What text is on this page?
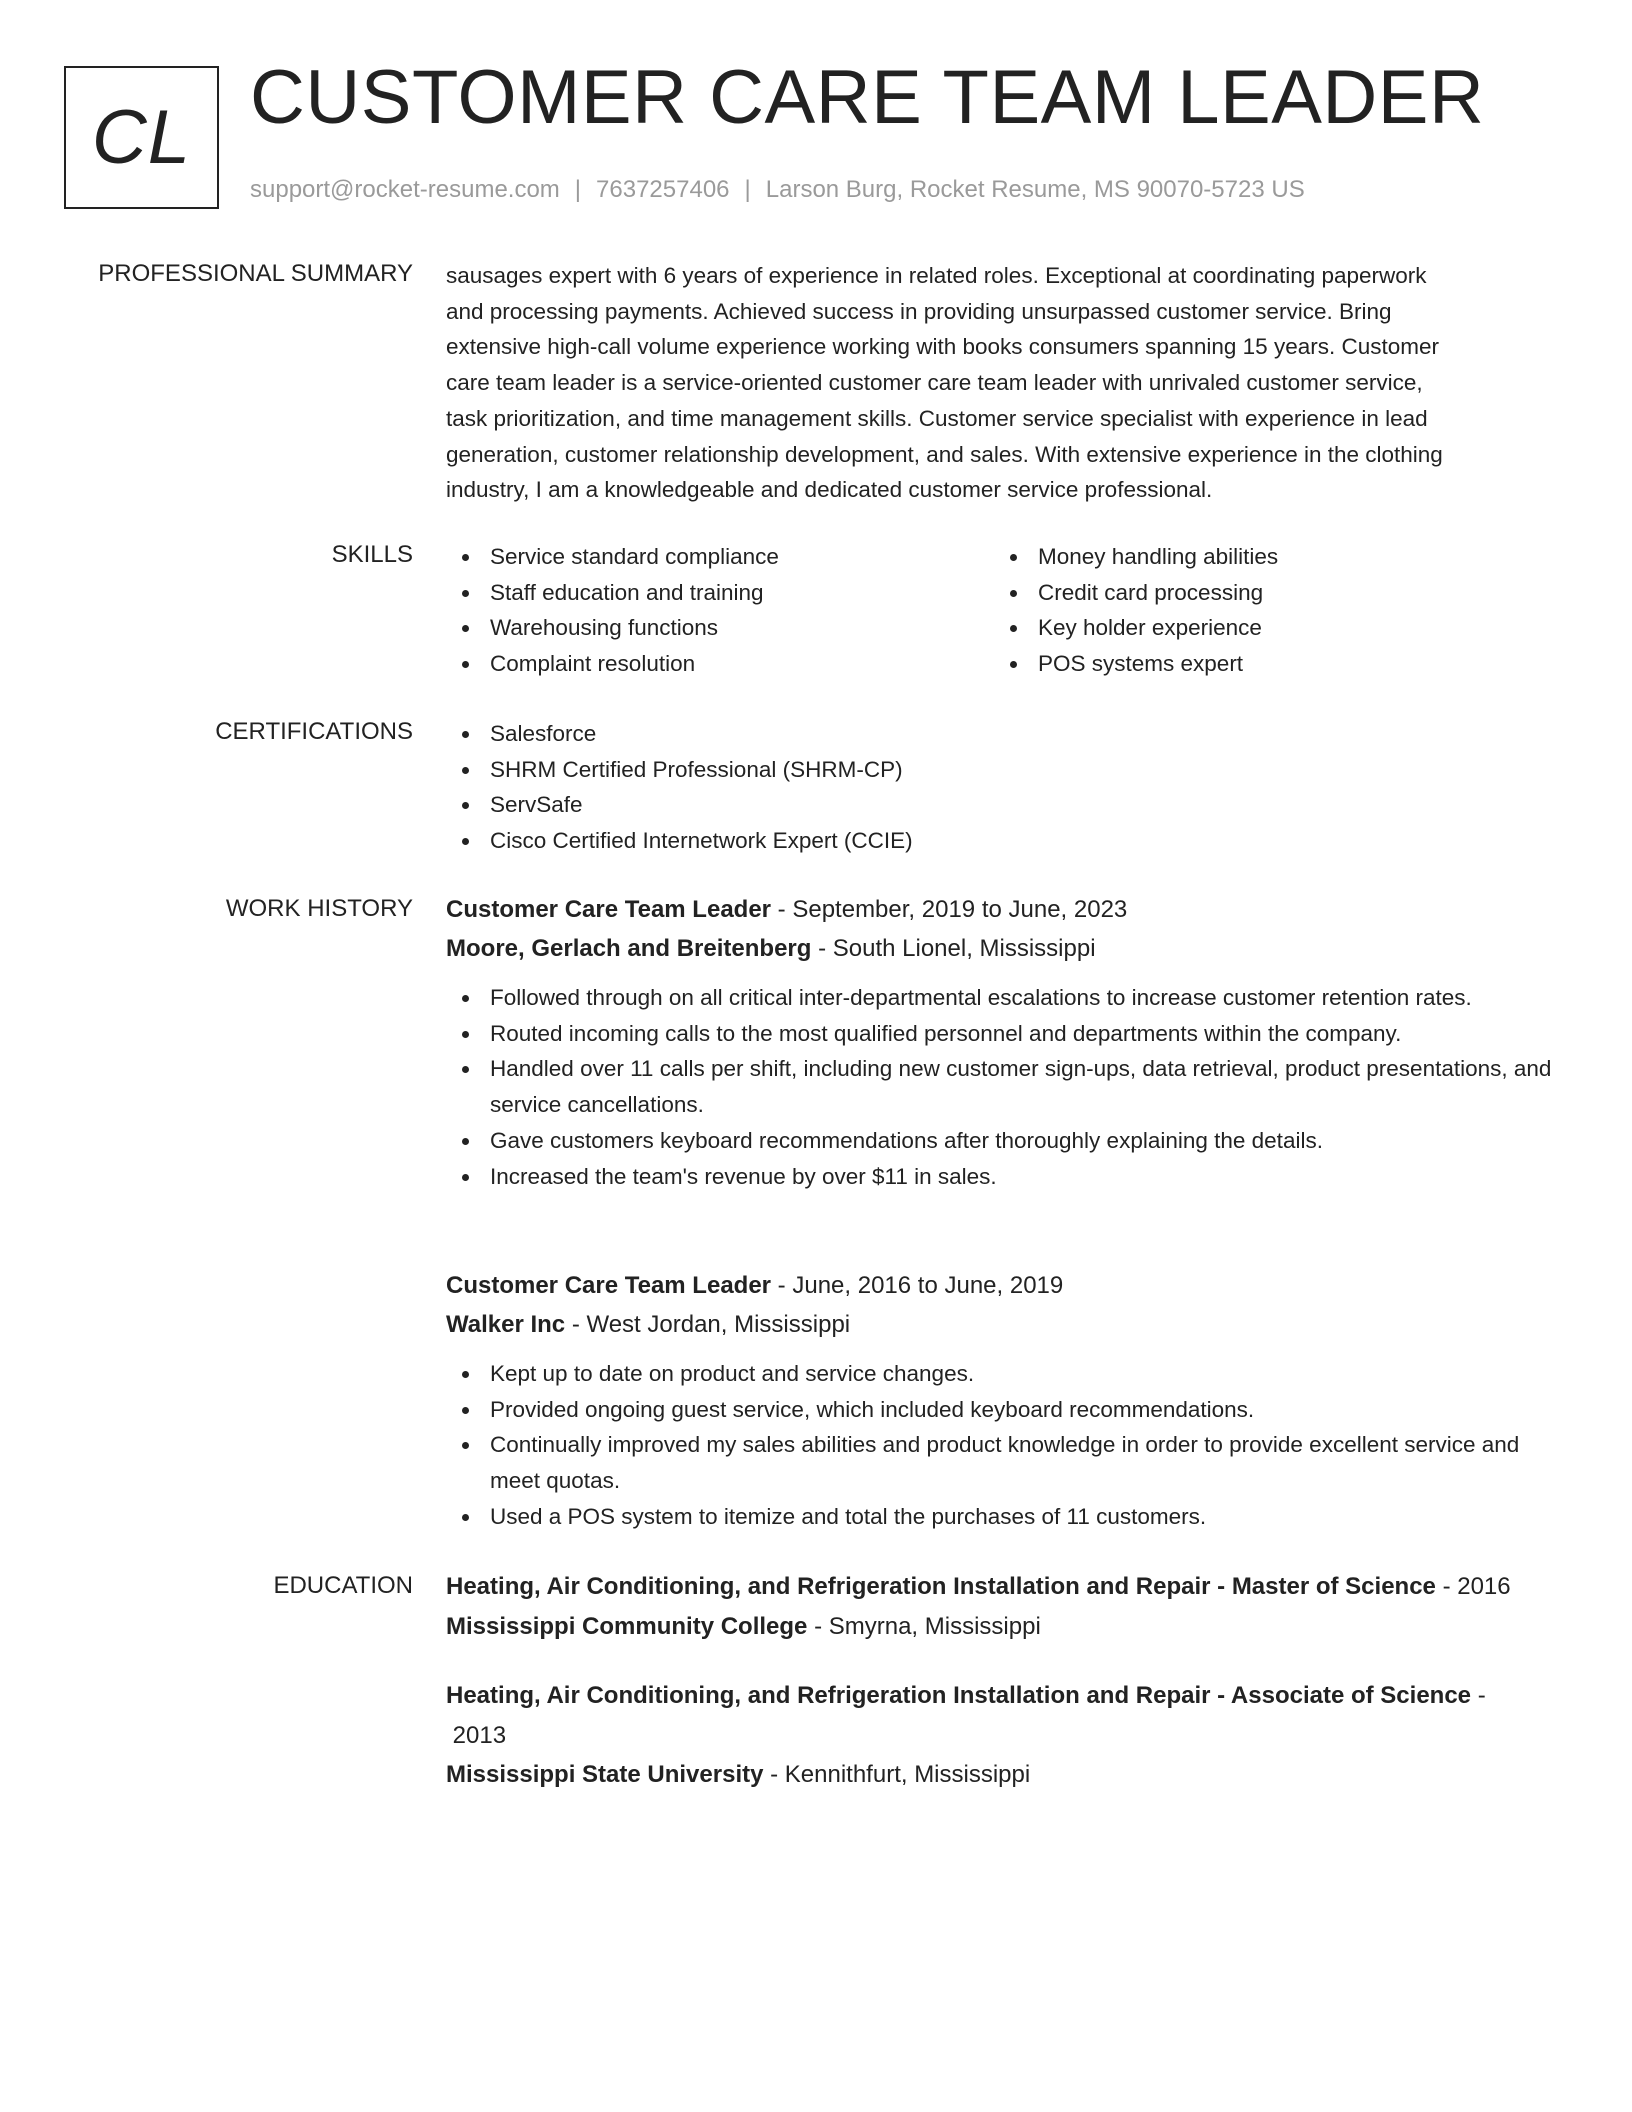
CL CUSTOMER CARE TEAM LEADER
support@rocket-resume.com | 7637257406 | Larson Burg, Rocket Resume, MS 90070-5723 US
PROFESSIONAL SUMMARY sausages expert with 6 years of experience in related roles. Exceptional at coordinating paperwork
and processing payments. Achieved success in providing unsurpassed customer service. Bring
extensive high-call volume experience working with books consumers spanning 15 years. Customer
care team leader is a service-oriented customer care team leader with unrivaled customer service,
task prioritization, and time management skills. Customer service specialist with experience in lead
generation, customer relationship development, and sales. With extensive experience in the clothing
industry, I am a knowledgeable and dedicated customer service professional.
SKILLS	Service standard compliance
Staff education and training
Warehousing functions
Complaint resolution
Money handling abilities
Credit card processing
Key holder experience
POS systems expert
CERTIFICATIONS	Salesforce
SHRM Certified Professional (SHRM-CP)
ServSafe
Cisco Certified Internetwork Expert (CCIE)
WORK HISTORY Customer Care Team Leader - September, 2019 to June, 2023
Moore, Gerlach and Breitenberg - South Lionel, Mississippi
Followed through on all critical inter-departmental escalations to increase customer retention rates.
Routed incoming calls to the most qualified personnel and departments within the company.
Handled over 11 calls per shift, including new customer sign-ups, data retrieval, product presentations, and service cancellations.
Gave customers keyboard recommendations after thoroughly explaining the details.
Increased the team's revenue by over $11 in sales.
Customer Care Team Leader - June, 2016 to June, 2019
Walker Inc - West Jordan, Mississippi
Kept up to date on product and service changes.
Provided ongoing guest service, which included keyboard recommendations.
Continually improved my sales abilities and product knowledge in order to provide excellent service and meet quotas.
Used a POS system to itemize and total the purchases of 11 customers.
EDUCATION Heating, Air Conditioning, and Refrigeration Installation and Repair - Master of Science - 2016
Mississippi Community College - Smyrna, Mississippi
Heating, Air Conditioning, and Refrigeration Installation and Repair - Associate of Science -
2013
Mississippi State University - Kennithfurt, Mississippi
